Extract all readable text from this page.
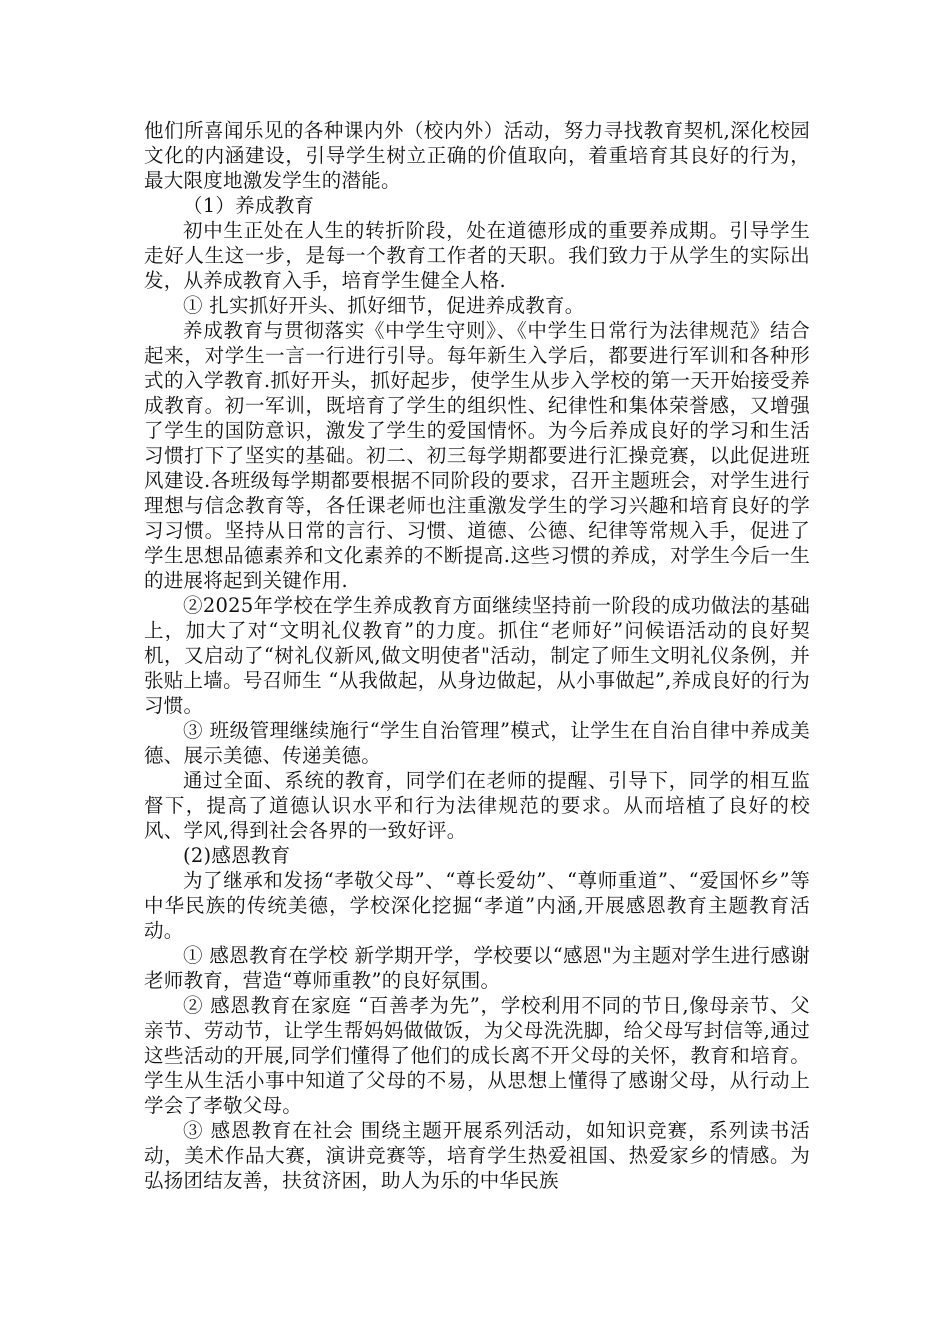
他们所喜闻乐见的各种课内外（校内外）活动，努力寻找教育契机,深化校园文化的内涵建设，引导学生树立正确的价值取向，着重培育其良好的行为，最大限度地激发学生的潜能。

（1）养成教育

初中生正处在人生的转折阶段，处在道德形成的重要养成期。引导学生走好人生这一步，是每一个教育工作者的天职。我们致力于从学生的实际出发，从养成教育入手，培育学生健全人格.

① 扎实抓好开头、抓好细节，促进养成教育。

养成教育与贯彻落实《中学生守则》、《中学生日常行为法律规范》结合起来，对学生一言一行进行引导。每年新生入学后，都要进行军训和各种形式的入学教育.抓好开头，抓好起步，使学生从步入学校的第一天开始接受养成教育。初一军训，既培育了学生的组织性、纪律性和集体荣誉感，又增强了学生的国防意识，激发了学生的爱国情怀。为今后养成良好的学习和生活习惯打下了坚实的基础。初二、初三每学期都要进行汇操竞赛，以此促进班风建设.各班级每学期都要根据不同阶段的要求，召开主题班会，对学生进行理想与信念教育等，各任课老师也注重激发学生的学习兴趣和培育良好的学习习惯。坚持从日常的言行、习惯、道德、公德、纪律等常规入手，促进了学生思想品德素养和文化素养的不断提高.这些习惯的养成，对学生今后一生的进展将起到关键作用.

②2025年学校在学生养成教育方面继续坚持前一阶段的成功做法的基础上，加大了对“文明礼仪教育”的力度。抓住“老师好”问候语活动的良好契机，又启动了“树礼仪新风,做文明使者"活动，制定了师生文明礼仪条例，并张贴上墙。号召师生 “从我做起，从身边做起，从小事做起”,养成良好的行为习惯。

③ 班级管理继续施行“学生自治管理”模式，让学生在自治自律中养成美德、展示美德、传递美德。

通过全面、系统的教育，同学们在老师的提醒、引导下，同学的相互监督下，提高了道德认识水平和行为法律规范的要求。从而培植了良好的校风、学风,得到社会各界的一致好评。

(2)感恩教育

为了继承和发扬“孝敬父母”、“尊长爱幼”、“尊师重道”、“爱国怀乡”等中华民族的传统美德，学校深化挖掘“孝道”内涵,开展感恩教育主题教育活动。

① 感恩教育在学校 新学期开学，学校要以“感恩"为主题对学生进行感谢老师教育，营造“尊师重教”的良好氛围。

② 感恩教育在家庭 “百善孝为先”，学校利用不同的节日,像母亲节、父亲节、劳动节，让学生帮妈妈做做饭，为父母洗洗脚，给父母写封信等,通过这些活动的开展,同学们懂得了他们的成长离不开父母的关怀，教育和培育。学生从生活小事中知道了父母的不易，从思想上懂得了感谢父母，从行动上学会了孝敬父母。

③ 感恩教育在社会 围绕主题开展系列活动，如知识竞赛，系列读书活动，美术作品大赛，演讲竞赛等，培育学生热爱祖国、热爱家乡的情感。为弘扬团结友善，扶贫济困，助人为乐的中华民族
